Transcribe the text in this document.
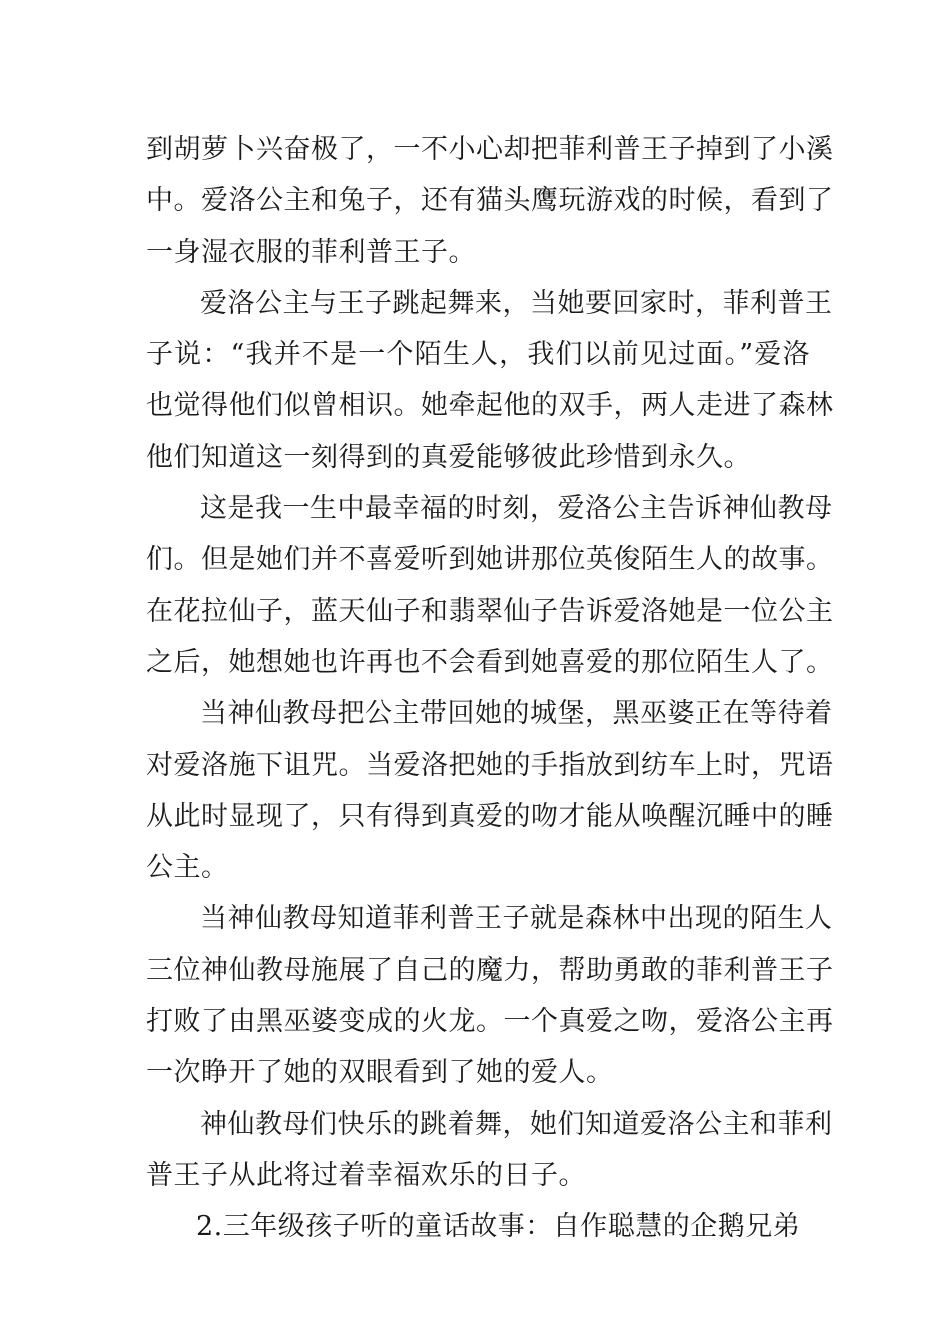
到胡萝卜兴奋极了，一不小心却把菲利普王子掉到了小溪
中。爱洛公主和兔子，还有猫头鹰玩游戏的时候，看到了
一身湿衣服的菲利普王子。
爱洛公主与王子跳起舞来，当她要回家时，菲利普王
子说：“我并不是一个陌生人，我们以前见过面。”爱洛
也觉得他们似曾相识。她牵起他的双手，两人走进了森林
他们知道这一刻得到的真爱能够彼此珍惜到永久。
这是我一生中最幸福的时刻，爱洛公主告诉神仙教母
们。但是她们并不喜爱听到她讲那位英俊陌生人的故事。
在花拉仙子，蓝天仙子和翡翠仙子告诉爱洛她是一位公主
之后，她想她也许再也不会看到她喜爱的那位陌生人了。
当神仙教母把公主带回她的城堡，黑巫婆正在等待着
对爱洛施下诅咒。当爱洛把她的手指放到纺车上时，咒语
从此时显现了，只有得到真爱的吻才能从唤醒沉睡中的睡
公主。
当神仙教母知道菲利普王子就是森林中出现的陌生人
三位神仙教母施展了自己的魔力，帮助勇敢的菲利普王子
打败了由黑巫婆变成的火龙。一个真爱之吻，爱洛公主再
一次睁开了她的双眼看到了她的爱人。
神仙教母们快乐的跳着舞，她们知道爱洛公主和菲利
普王子从此将过着幸福欢乐的日子。
2.三年级孩子听的童话故事：自作聪慧的企鹅兄弟
